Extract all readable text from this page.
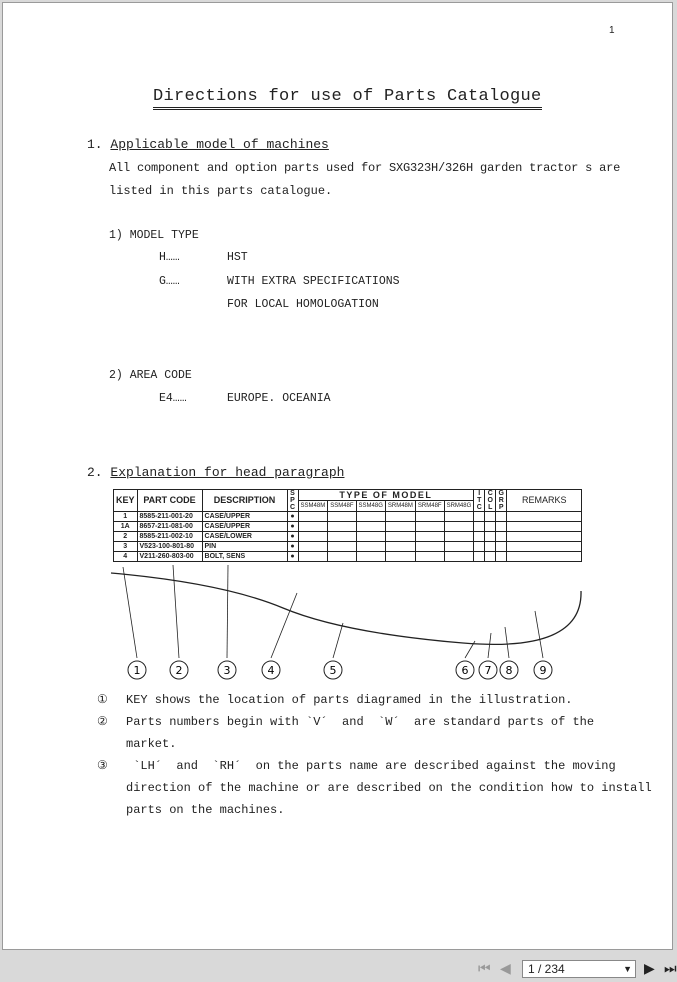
1
Directions for use of Parts Catalogue
1. Applicable model of machines
All component and option parts used for SXG323H/326H garden tractor s are
listed in this parts catalogue.
1) MODEL TYPE
H……	HST
G……	WITH EXTRA SPECIFICATIONS
FOR LOCAL HOMOLOGATION
2) AREA CODE
E4……	EUROPE. OCEANIA
2. Explanation for head paragraph
KEY	PART CODE	DESCRIPTION	S P C	TYPE OF MODEL						I T C	C O L	G R P	REMARKS
				SSM48M	SSM48F	SSM48G	SRM48M	SRM48F	SRM48G				
1	8585-211-001-20	CASE/UPPER	●										
1A	8657-211-081-00	CASE/UPPER	●										
2	8585-211-002-10	CASE/LOWER	●										
3	V523-100-801-80	PIN	●										
4	V211-260-803-00	BOLT, SENS	●										
1	2	3	4	5	6 7 8 9
① KEY shows the location of parts diagramed in the illustration.
② Parts numbers begin with `V´  and  `W´  are standard parts of the
market.
③ `LH´  and  `RH´  on the parts name are described against the moving
direction of the machine or are described on the condition how to install
parts on the machines.
⏮ ◀	1 / 234	▼ ▶ ⏭
